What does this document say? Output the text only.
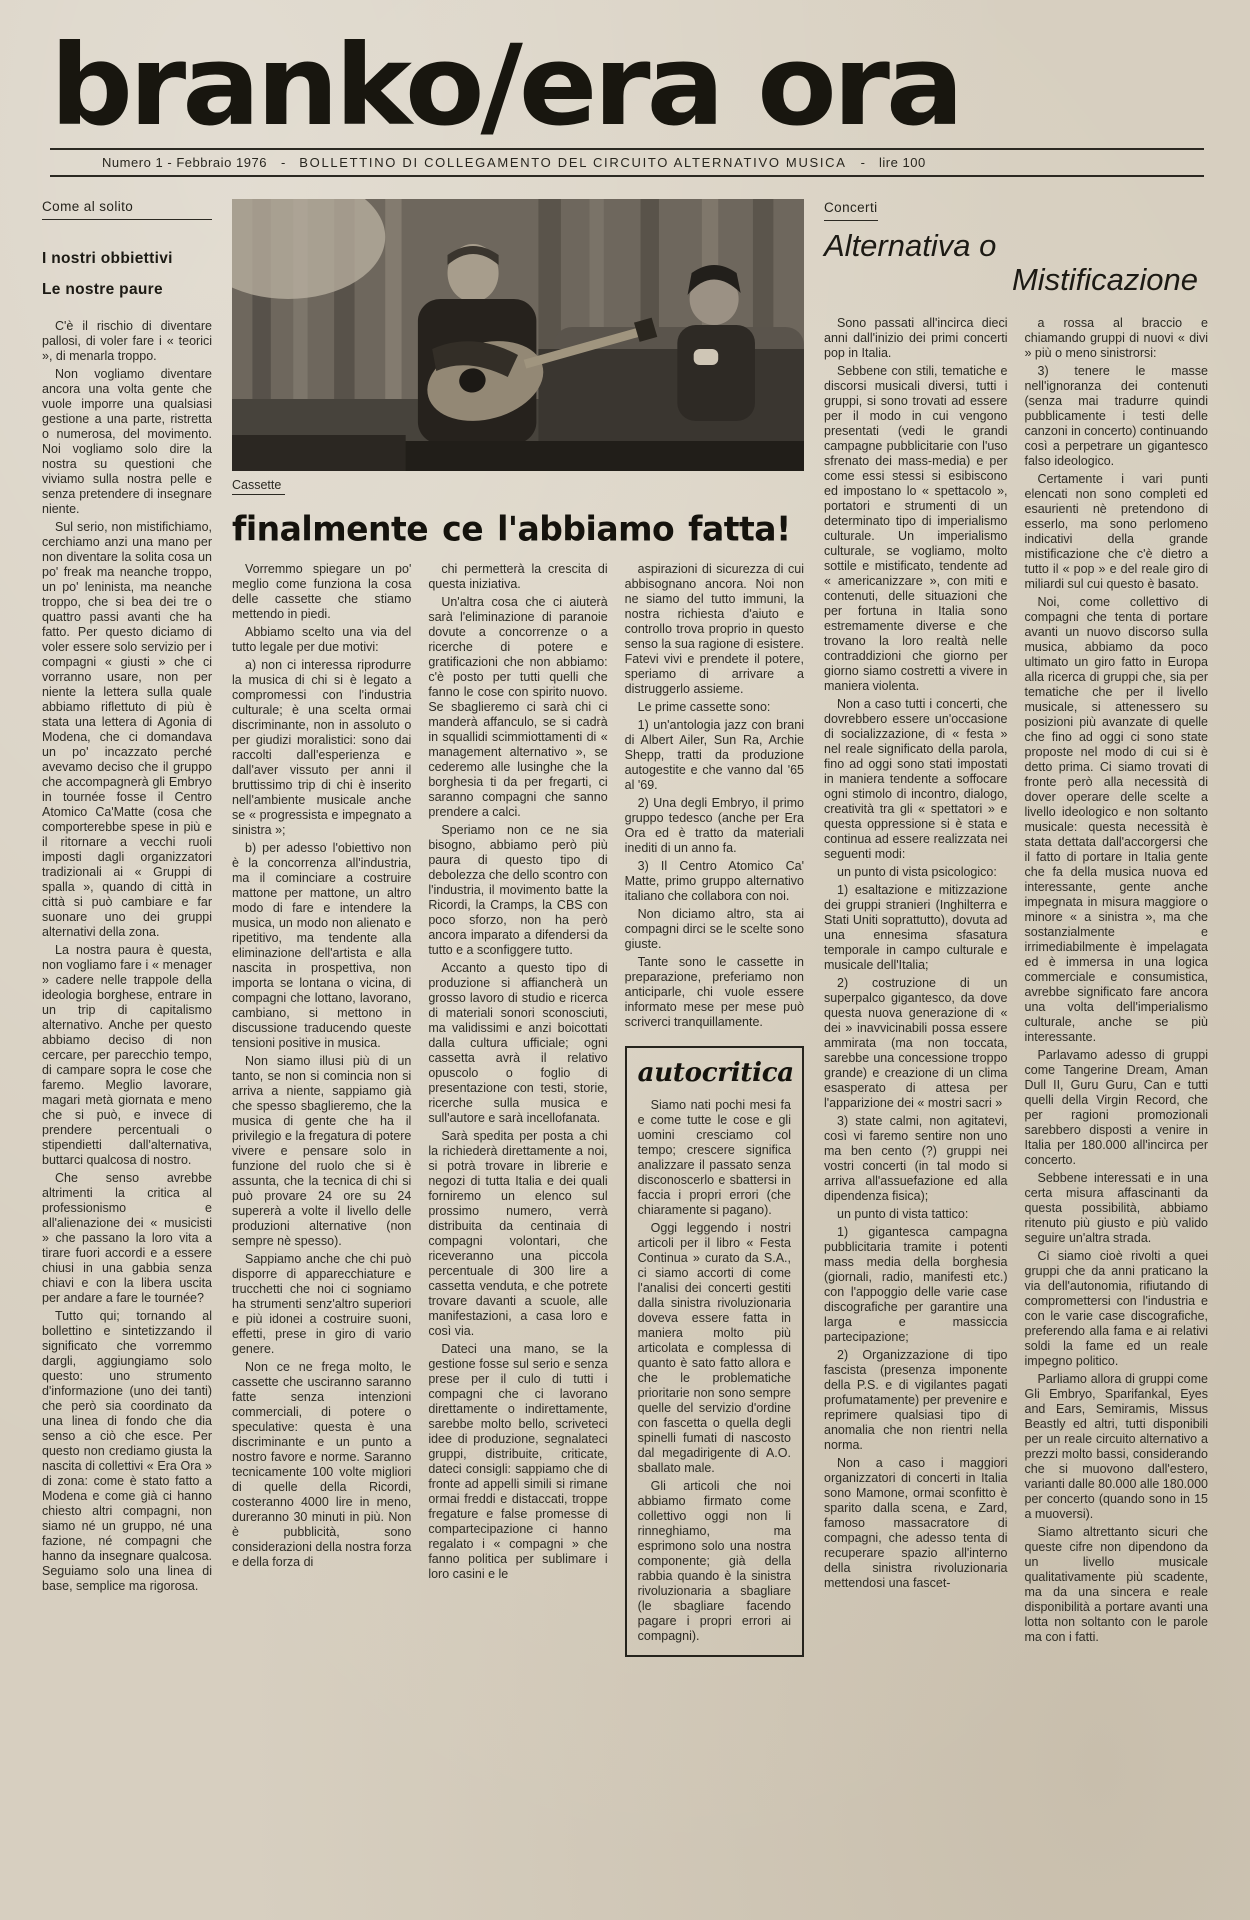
branko/era ora
Numero 1 - Febbraio 1976 - BOLLETTINO DI COLLEGAMENTO DEL CIRCUITO ALTERNATIVO MUSICA - lire 100
Come al solito
I nostri obbiettivi
Le nostre paure

C'è il rischio di diventare pallosi, di voler fare i « teorici », di menarla troppo.

Non vogliamo diventare ancora una volta gente che vuole imporre una qualsiasi gestione a una parte, ristretta o numerosa, del movimento. Noi vogliamo solo dire la nostra su questioni che viviamo sulla nostra pelle e senza pretendere di insegnare niente.

Sul serio, non mistifichiamo, cerchiamo anzi una mano per non diventare la solita cosa un po' freak ma neanche troppo, un po' leninista, ma neanche troppo, che si bea dei tre o quattro passi avanti che ha fatto. Per questo diciamo di voler essere solo servizio per i compagni « giusti » che ci vorranno usare, non per niente la lettera sulla quale abbiamo riflettuto di più è stata una lettera di Agonia di Modena, che ci domandava un po' incazzato perché avevamo deciso che il gruppo che accompagnerà gli Embryo in tournée fosse il Centro Atomico Ca'Matte (cosa che comporterebbe spese in più e il ritornare a vecchi ruoli imposti dagli organizzatori tradizionali ai « Gruppi di spalla », quando di città in città si può cambiare e far suonare uno dei gruppi alternativi della zona.

La nostra paura è questa, non vogliamo fare i « menager » cadere nelle trappole della ideologia borghese, entrare in un trip di capitalismo alternativo. Anche per questo abbiamo deciso di non cercare, per parecchio tempo, di campare sopra le cose che faremo. Meglio lavorare, magari metà giornata e meno che si può, e invece di prendere percentuali o stipendietti dall'alternativa, buttarci qualcosa di nostro.

Che senso avrebbe altrimenti la critica al professionismo e all'alienazione dei « musicisti » che passano la loro vita a tirare fuori accordi e a essere chiusi in una gabbia senza chiavi e con la libera uscita per andare a fare le tournée?

Tutto qui; tornando al bollettino e sintetizzando il significato che vorremmo dargli, aggiungiamo solo questo: uno strumento d'informazione (uno dei tanti) che però sia coordinato da una linea di fondo che dia senso a ciò che esce. Per questo non crediamo giusta la nascita di collettivi « Era Ora » di zona: come è stato fatto a Modena e come già ci hanno chiesto altri compagni, non siamo né un gruppo, né una fazione, né compagni che hanno da insegnare qualcosa. Seguiamo solo una linea di base, semplice ma rigorosa.

Cassette
finalmente ce l'abbiamo fatta!

Vorremmo spiegare un po' meglio come funziona la cosa delle cassette che stiamo mettendo in piedi.

Abbiamo scelto una via del tutto legale per due motivi:

a) non ci interessa riprodurre la musica di chi si è legato a compromessi con l'industria culturale; è una scelta ormai discriminante, non in assoluto o per giudizi moralistici: sono dai raccolti dall'esperienza e dall'aver vissuto per anni il bruttissimo trip di chi è inserito nell'ambiente musicale anche se « progressista e impegnato a sinistra »;

b) per adesso l'obiettivo non è la concorrenza all'industria, ma il cominciare a costruire mattone per mattone, un altro modo di fare e intendere la musica, un modo non alienato e ripetitivo, ma tendente alla eliminazione dell'artista e alla nascita in prospettiva, non importa se lontana o vicina, di compagni che lottano, lavorano, cambiano, si mettono in discussione traducendo queste tensioni positive in musica.

Non siamo illusi più di un tanto, se non si comincia non si arriva a niente, sappiamo già che spesso sbaglieremo, che la musica di gente che ha il privilegio e la fregatura di potere vivere e pensare solo in funzione del ruolo che si è assunta, che la tecnica di chi si può provare 24 ore su 24 supererà a volte il livello delle produzioni alternative (non sempre nè spesso).

Sappiamo anche che chi può disporre di apparecchiature e trucchetti che noi ci sogniamo ha strumenti senz'altro superiori e più idonei a costruire suoni, effetti, prese in giro di vario genere.

Non ce ne frega molto, le cassette che usciranno saranno fatte senza intenzioni commerciali, di potere o speculative: questa è una discriminante e un punto a nostro favore e norme. Saranno tecnicamente 100 volte migliori di quelle della Ricordi, costeranno 4000 lire in meno, dureranno 30 minuti in più. Non è pubblicità, sono considerazioni della nostra forza e della forza di

chi permetterà la crescita di questa iniziativa.

Un'altra cosa che ci aiuterà sarà l'eliminazione di paranoie dovute a concorrenze o a ricerche di potere e gratificazioni che non abbiamo: c'è posto per tutti quelli che fanno le cose con spirito nuovo. Se sbaglieremo ci sarà chi ci manderà affanculo, se si cadrà in squallidi scimmiottamenti di « management alternativo », se cederemo alle lusinghe che la borghesia ti da per fregarti, ci saranno compagni che sanno prendere a calci.

Speriamo non ce ne sia bisogno, abbiamo però più paura di questo tipo di debolezza che dello scontro con l'industria, il movimento batte la Ricordi, la Cramps, la CBS con poco sforzo, non ha però ancora imparato a difendersi da tutto e a sconfiggere tutto.

Accanto a questo tipo di produzione si affiancherà un grosso lavoro di studio e ricerca di materiali sonori sconosciuti, ma validissimi e anzi boicottati dalla cultura ufficiale; ogni cassetta avrà il relativo opuscolo o foglio di presentazione con testi, storie, ricerche sulla musica e sull'autore e sarà incellofanata.

Sarà spedita per posta a chi la richiederà direttamente a noi, si potrà trovare in librerie e negozi di tutta Italia e dei quali forniremo un elenco sul prossimo numero, verrà distribuita da centinaia di compagni volontari, che riceveranno una piccola percentuale di 300 lire a cassetta venduta, e che potrete trovare davanti a scuole, alle manifestazioni, a casa loro e così via.

Dateci una mano, se la gestione fosse sul serio e senza prese per il culo di tutti i compagni che ci lavorano direttamente o indirettamente, sarebbe molto bello, scriveteci idee di produzione, segnalateci gruppi, distribuite, criticate, dateci consigli: sappiamo che di fronte ad appelli simili si rimane ormai freddi e distaccati, troppe fregature e false promesse di compartecipazione ci hanno regalato i « compagni » che fanno politica per sublimare i loro casini e le

aspirazioni di sicurezza di cui abbisognano ancora. Noi non ne siamo del tutto immuni, la nostra richiesta d'aiuto e controllo trova proprio in questo senso la sua ragione di esistere. Fatevi vivi e prendete il potere, speriamo di arrivare a distruggerlo assieme.

Le prime cassette sono:

1) un'antologia jazz con brani di Albert Ailer, Sun Ra, Archie Shepp, tratti da produzione autogestite e che vanno dal '65 al '69.

2) Una degli Embryo, il primo gruppo tedesco (anche per Era Ora ed è tratto da materiali inediti di un anno fa.

3) Il Centro Atomico Ca' Matte, primo gruppo alternativo italiano che collabora con noi.

Non diciamo altro, sta ai compagni dirci se le scelte sono giuste.

Tante sono le cassette in preparazione, preferiamo non anticiparle, chi vuole essere informato mese per mese può scriverci tranquillamente.

autocritica

Siamo nati pochi mesi fa e come tutte le cose e gli uomini cresciamo col tempo; crescere significa analizzare il passato senza disconoscerlo e sbattersi in faccia i propri errori (che chiaramente si pagano).

Oggi leggendo i nostri articoli per il libro « Festa Continua » curato da S.A., ci siamo accorti di come l'analisi dei concerti gestiti dalla sinistra rivoluzionaria doveva essere fatta in maniera molto più articolata e complessa di quanto è sato fatto allora e che le problematiche prioritarie non sono sempre quelle del servizio d'ordine con fascetta o quella degli spinelli fumati di nascosto dal megadirigente di A.O. sballato male.

Gli articoli che noi abbiamo firmato come collettivo oggi non li rinneghiamo, ma esprimono solo una nostra componente; già della rabbia quando è la sinistra rivoluzionaria a sbagliare (le sbagliare facendo pagare i propri errori ai compagni).

Concerti
Alternativa o
Mistificazione

Sono passati all'incirca dieci anni dall'inizio dei primi concerti pop in Italia.

Sebbene con stili, tematiche e discorsi musicali diversi, tutti i gruppi, si sono trovati ad essere per il modo in cui vengono presentati (vedi le grandi campagne pubblicitarie con l'uso sfrenato dei mass-media) e per come essi stessi si esibiscono ed impostano lo « spettacolo », portatori e strumenti di un determinato tipo di imperialismo culturale. Un imperialismo culturale, se vogliamo, molto sottile e mistificato, tendente ad « americanizzare », con miti e contenuti, delle situazioni che per fortuna in Italia sono estremamente diverse e che trovano la loro realtà nelle contraddizioni che giorno per giorno siamo costretti a vivere in maniera violenta.

Non a caso tutti i concerti, che dovrebbero essere un'occasione di socializzazione, di « festa » nel reale significato della parola, fino ad oggi sono stati impostati in maniera tendente a soffocare ogni stimolo di incontro, dialogo, creatività tra gli « spettatori » e questa oppressione si è stata e continua ad essere realizzata nei seguenti modi:

un punto di vista psicologico:

1) esaltazione e mitizzazione dei gruppi stranieri (Inghilterra e Stati Uniti soprattutto), dovuta ad una ennesima sfasatura temporale in campo culturale e musicale dell'Italia;

2) costruzione di un superpalco gigantesco, da dove questa nuova generazione di « dei » inavvicinabili possa essere ammirata (ma non toccata, sarebbe una concessione troppo grande) e creazione di un clima esasperato di attesa per l'apparizione dei « mostri sacri »

3) state calmi, non agitatevi, così vi faremo sentire non uno ma ben cento (?) gruppi nei vostri concerti (in tal modo si arriva all'assuefazione ed alla dipendenza fisica);

un punto di vista tattico:

1) gigantesca campagna pubblicitaria tramite i potenti mass media della borghesia (giornali, radio, manifesti etc.) con l'appoggio delle varie case discografiche per garantire una larga e massiccia partecipazione;

2) Organizzazione di tipo fascista (presenza imponente della P.S. e di vigilantes pagati profumatamente) per prevenire e reprimere qualsiasi tipo di anomalia che non rientri nella norma.

Non a caso i maggiori organizzatori di concerti in Italia sono Mamone, ormai sconfitto è sparito dalla scena, e Zard, famoso massacratore di compagni, che adesso tenta di recuperare spazio all'interno della sinistra rivoluzionaria mettendosi una fascet-

a rossa al braccio e chiamando gruppi di nuovi « divi » più o meno sinistrorsi:

3) tenere le masse nell'ignoranza dei contenuti (senza mai tradurre quindi pubblicamente i testi delle canzoni in concerto) continuando così a perpetrare un gigantesco falso ideologico.

Certamente i vari punti elencati non sono completi ed esaurienti nè pretendono di esserlo, ma sono perlomeno indicativi della grande mistificazione che c'è dietro a tutto il « pop » e del reale giro di miliardi sul cui questo è basato.

Noi, come collettivo di compagni che tenta di portare avanti un nuovo discorso sulla musica, abbiamo da poco ultimato un giro fatto in Europa alla ricerca di gruppi che, sia per tematiche che per il livello musicale, si attenessero su posizioni più avanzate di quelle che fino ad oggi ci sono state proposte nel modo di cui si è detto prima. Ci siamo trovati di fronte però alla necessità di dover operare delle scelte a livello ideologico e non soltanto musicale: questa necessità è stata dettata dall'accorgersi che il fatto di portare in Italia gente che fa della musica nuova ed interessante, gente anche impegnata in misura maggiore o minore « a sinistra », ma che sostanzialmente e irrimediabilmente è impelagata ed è immersa in una logica commerciale e consumistica, avrebbe significato fare ancora una volta dell'imperialismo culturale, anche se più interessante.

Parlavamo adesso di gruppi come Tangerine Dream, Aman Dull II, Guru Guru, Can e tutti quelli della Virgin Record, che per ragioni promozionali sarebbero disposti a venire in Italia per 180.000 all'incirca per concerto.

Sebbene interessati e in una certa misura affascinanti da questa possibilità, abbiamo ritenuto più giusto e più valido seguire un'altra strada.

Ci siamo cioè rivolti a quei gruppi che da anni praticano la via dell'autonomia, rifiutando di compromettersi con l'industria e con le varie case discografiche, preferendo alla fama e ai relativi soldi la fame ed un reale impegno politico.

Parliamo allora di gruppi come Gli Embryo, Sparifankal, Eyes and Ears, Semiramis, Missus Beastly ed altri, tutti disponibili per un reale circuito alternativo a prezzi molto bassi, considerando che si muovono dall'estero, varianti dalle 80.000 alle 180.000 per concerto (quando sono in 15 a muoversi).

Siamo altrettanto sicuri che queste cifre non dipendono da un livello musicale qualitativamente più scadente, ma da una sincera e reale disponibilità a portare avanti una lotta non soltanto con le parole ma con i fatti.
